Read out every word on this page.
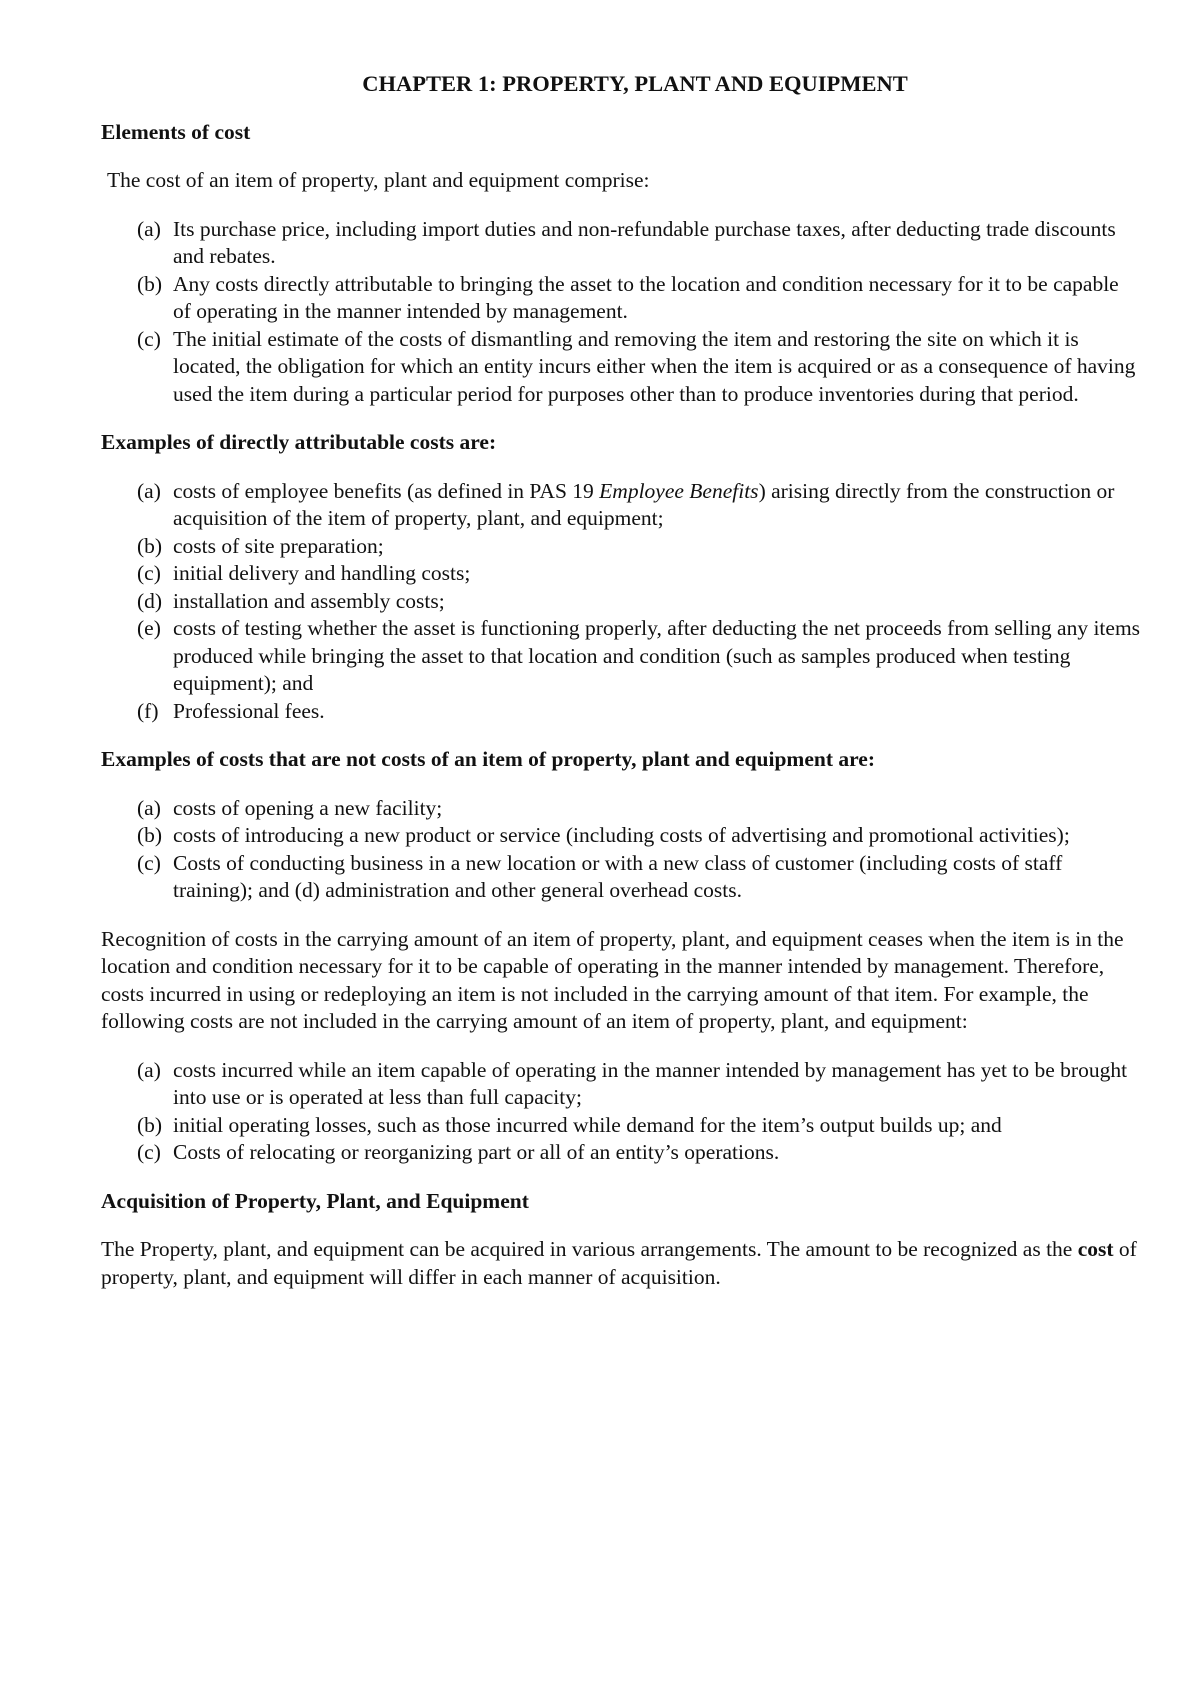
CHAPTER 1: PROPERTY, PLANT AND EQUIPMENT
Elements of cost
The cost of an item of property, plant and equipment comprise:
(a) Its purchase price, including import duties and non-refundable purchase taxes, after deducting trade discounts and rebates.
(b) Any costs directly attributable to bringing the asset to the location and condition necessary for it to be capable of operating in the manner intended by management.
(c) The initial estimate of the costs of dismantling and removing the item and restoring the site on which it is located, the obligation for which an entity incurs either when the item is acquired or as a consequence of having used the item during a particular period for purposes other than to produce inventories during that period.
Examples of directly attributable costs are:
(a) costs of employee benefits (as defined in PAS 19 Employee Benefits) arising directly from the construction or acquisition of the item of property, plant, and equipment;
(b) costs of site preparation;
(c) initial delivery and handling costs;
(d) installation and assembly costs;
(e) costs of testing whether the asset is functioning properly, after deducting the net proceeds from selling any items produced while bringing the asset to that location and condition (such as samples produced when testing equipment); and
(f) Professional fees.
Examples of costs that are not costs of an item of property, plant and equipment are:
(a) costs of opening a new facility;
(b) costs of introducing a new product or service (including costs of advertising and promotional activities);
(c) Costs of conducting business in a new location or with a new class of customer (including costs of staff training); and (d) administration and other general overhead costs.
Recognition of costs in the carrying amount of an item of property, plant, and equipment ceases when the item is in the location and condition necessary for it to be capable of operating in the manner intended by management. Therefore, costs incurred in using or redeploying an item is not included in the carrying amount of that item. For example, the following costs are not included in the carrying amount of an item of property, plant, and equipment:
(a) costs incurred while an item capable of operating in the manner intended by management has yet to be brought into use or is operated at less than full capacity;
(b) initial operating losses, such as those incurred while demand for the item’s output builds up; and
(c) Costs of relocating or reorganizing part or all of an entity’s operations.
Acquisition of Property, Plant, and Equipment
The Property, plant, and equipment can be acquired in various arrangements. The amount to be recognized as the cost of property, plant, and equipment will differ in each manner of acquisition.
